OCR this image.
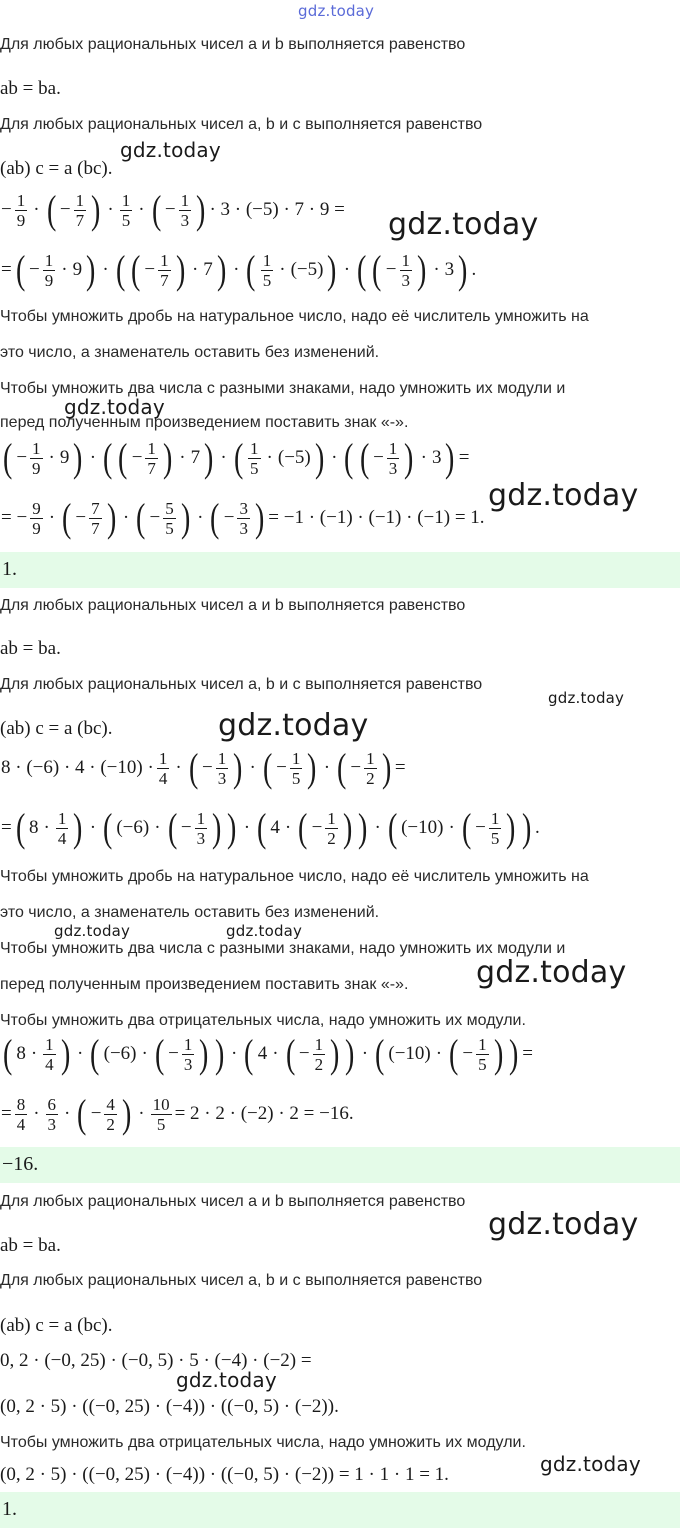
gdz.today
gdz.today
gdz.today
gdz.today
gdz.today
gdz.today
gdz.today
gdz.today	gdz.today
gdz.today
gdz.today
gdz.today
gdz.today
Для любых рациональных чисел a и b выполняется равенство
ab = ba.
Для любых рациональных чисел a, b и c выполняется равенство
(ab) c = a (bc).
− $\frac{1}{9}$ · ( − $\frac{1}{7}$ ) · 1
5 · ( − $\frac{1}{3}$ ) · 3 · (−5) · 7 · 9 =
= ( − $\frac{1}{9} \cdot 9$ ) · ( ( − $\frac{1}{7}$ ) · 7 ) · ( 1
5 · (−5) ) · ( ( − $\frac{1}{3}$ ) · 3 ) .
Чтобы умножить дробь на натуральное число, надо её числитель умножить на
это число, а знаменатель оставить без изменений.
Чтобы умножить два числа с разными знаками, надо умножить их модули и
перед полученным произведением поставить знак «-».
( − $\frac{1}{9} \cdot 9$ ) · ( ( − $\frac{1}{7}$ ) · 7 ) · ( 1
5 · (−5) ) · ( ( − $\frac{1}{3}$ ) · 3 ) =
= − $\frac{9}{9}$ · ( − $\frac{7}{7}$ ) · ( − $\frac{5}{5}$ ) · ( − $\frac{3}{3}$ ) = −1 · (−1) · (−1) · (−1) = 1.
1.
Для любых рациональных чисел a и b выполняется равенство
ab = ba.
Для любых рациональных чисел a, b и c выполняется равенство
(ab) c = a (bc).
8 · (−6) · 4 · (−10) · 1
4 · ( − $\frac{1}{3}$ ) · ( − $\frac{1}{5}$ ) · ( − $\frac{1}{2}$ ) =
= ( 8 · 1
4 ) · ( (−6) · ( − $\frac{1}{3}$ ) ) · ( 4 · ( − $\frac{1}{2}$ ) ) · ( (−10) · ( − $\frac{1}{5}$ ) ) .
Чтобы умножить дробь на натуральное число, надо её числитель умножить на
это число, а знаменатель оставить без изменений.
Чтобы умножить два числа с разными знаками, надо умножить их модули и
перед полученным произведением поставить знак «-».
Чтобы умножить два отрицательных числа, надо умножить их модули.
( 8 · 1
4 ) · ( (−6) · ( − $\frac{1}{3}$ ) ) · ( 4 · ( − $\frac{1}{2}$ ) ) · ( (−10) · ( − $\frac{1}{5}$ ) ) =
= $\frac{8}{4} \cdot 6$
3 · ( − $\frac{4}{2}$ ) · $\frac{10}{5} = 2 \cdot 2 \cdot (-2) \cdot 2 = -16$.
−16.
Для любых рациональных чисел a и b выполняется равенство
ab = ba.
Для любых рациональных чисел a, b и c выполняется равенство
(ab) c = a (bc).
0, 2 · (−0, 25) · (−0, 5) · 5 · (−4) · (−2) =
(0, 2 · 5) · ((−0, 25) · (−4)) · ((−0, 5) · (−2)).
Чтобы умножить два отрицательных числа, надо умножить их модули.
(0, 2 · 5) · ((−0, 25) · (−4)) · ((−0, 5) · (−2)) = 1 · 1 · 1 = 1.
1.
